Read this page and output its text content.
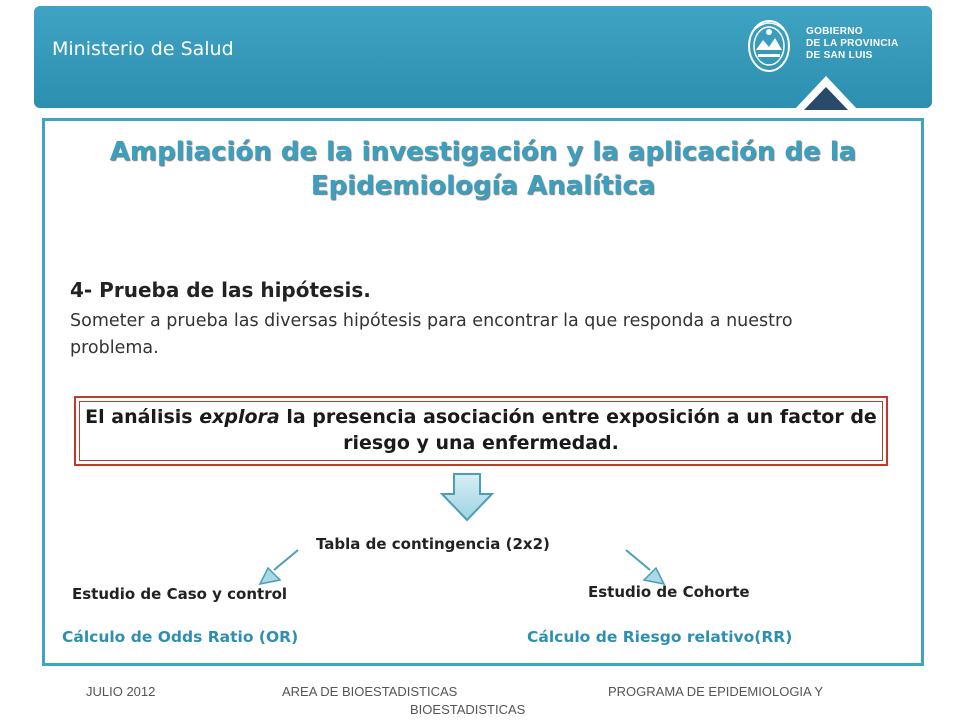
Ministerio de Salud
GOBIERNO
DE LA PROVINCIA
DE SAN LUIS
Ampliación de la investigación y la aplicación de la Epidemiología Analítica
4- Prueba de las hipótesis.
Someter a prueba las diversas hipótesis para encontrar la que responda a nuestro problema.
El análisis explora la presencia asociación entre exposición a un factor de riesgo y una enfermedad.
Tabla de contingencia (2x2)
Estudio de Caso y control	Estudio de Cohorte
Cálculo de Odds Ratio (OR)	Cálculo de Riesgo relativo(RR)
JULIO 2012	AREA DE BIOESTADISTICAS	PROGRAMA DE EPIDEMIOLOGIA Y
BIOESTADISTICAS
